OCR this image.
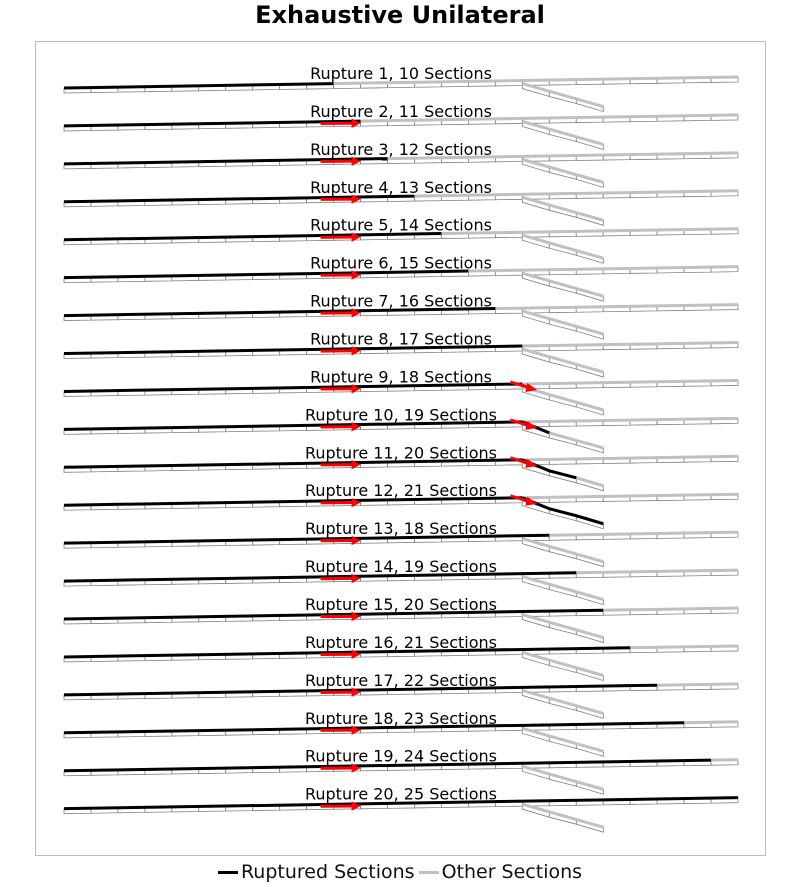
Exhaustive Unilateral
Rupture 1, 10 Sections
Rupture 2, 11 Sections
Rupture 3, 12 Sections
Rupture 4, 13 Sections
Rupture 5, 14 Sections
Rupture 6, 15 Sections
Rupture 7, 16 Sections
Rupture 8, 17 Sections
Rupture 9, 18 Sections
Rupture 10, 19 Sections
Rupture 11, 20 Sections
Rupture 12, 21 Sections
Rupture 13, 18 Sections
Rupture 14, 19 Sections
Rupture 15, 20 Sections
Rupture 16, 21 Sections
Rupture 17, 22 Sections
Rupture 18, 23 Sections
Rupture 19, 24 Sections
Rupture 20, 25 Sections
Ruptured Sections Other Sections
